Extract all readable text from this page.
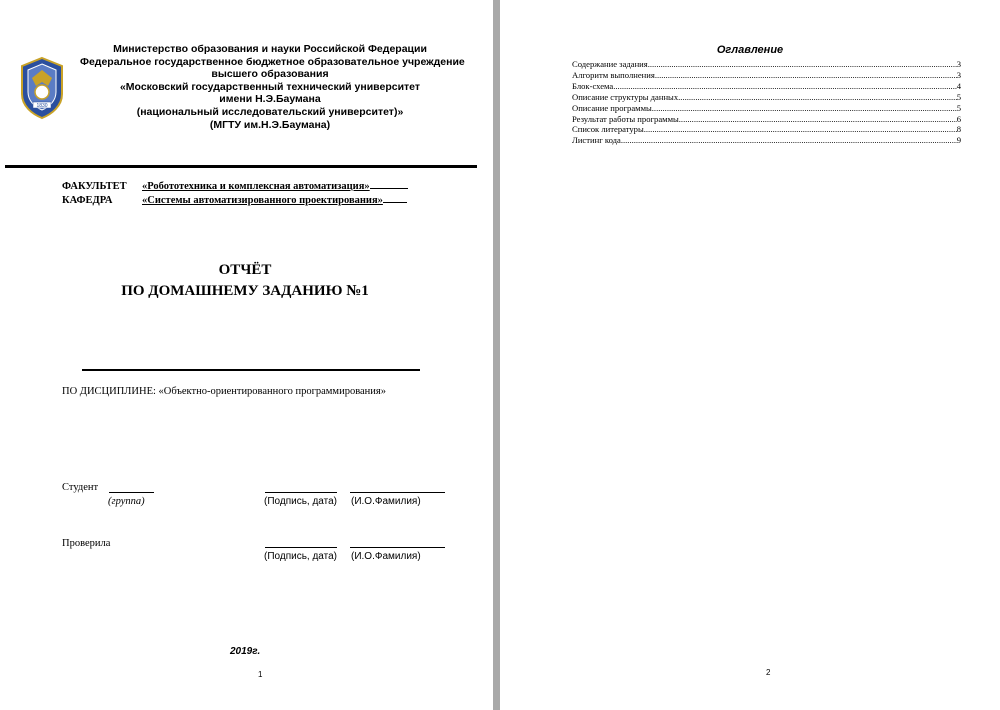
1830
Министерство образования и науки Российской Федерации
Федеральное государственное бюджетное образовательное учреждение
высшего образования
«Московский государственный технический университет
имени Н.Э.Баумана
(национальный исследовательский университет)»
(МГТУ им.Н.Э.Баумана)
ФАКУЛЬТЕТ «Робототехника и комплексная автоматизация»
КАФЕДРА	«Системы автоматизированного проектирования»
ОТЧЁТ
ПО ДОМАШНЕМУ ЗАДАНИЮ №1
ПО ДИСЦИПЛИНЕ: «Объектно-ориентированного программирования»
Студент
(группа)	(Подпись, дата) (И.О.Фамилия)
Проверила
(Подпись, дата) (И.О.Фамилия)
2019г.
1
Оглавление
Содержание задания .....	3
Алгоритм выполнения .....	3
Блок-схема .....	4
Описание структуры данных .....	5
Описание программы .....	5
Результат работы программы .....	6
Список литературы .....	8
Листинг кода .....	9
2
